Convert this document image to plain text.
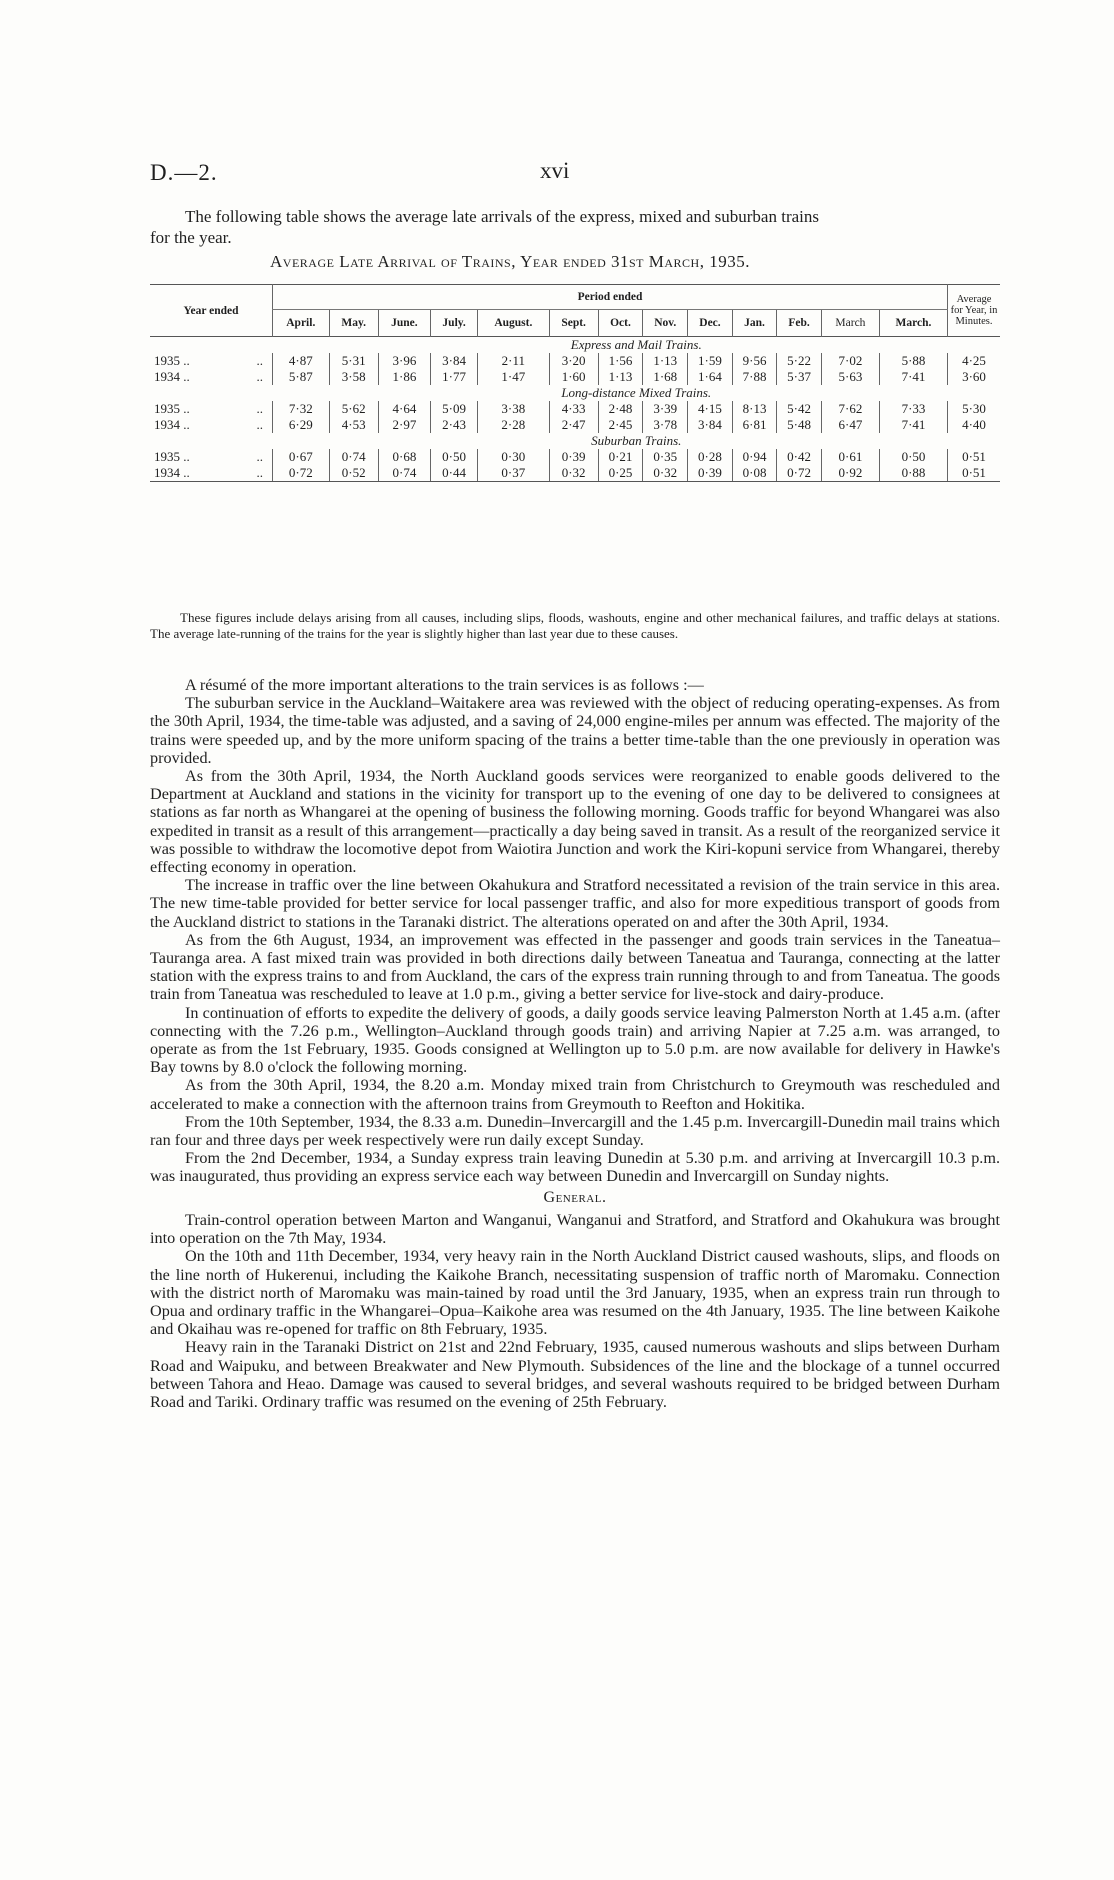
D.—2.	xvi
The following table shows the average late arrivals of the express, mixed and suburban trains
for the year.
Average Late Arrival of Trains, Year ended 31st March, 1935.
Year ended	Period ended													Average for Year, in Minutes.
	April.	May.	June.	July.	August.	Sept.	Oct.	Nov.	Dec.	Jan.	Feb.	March	March.	
	Express and Mail Trains.													
1935 .. ..	4·87	5·31	3·96	3·84	2·11	3·20	1·56	1·13	1·59	9·56	5·22	7·02	5·88	4·25
1934 .. ..	5·87	3·58	1·86	1·77	1·47	1·60	1·13	1·68	1·64	7·88	5·37	5·63	7·41	3·60
	Long-distance Mixed Trains.													
1935 .. ..	7·32	5·62	4·64	5·09	3·38	4·33	2·48	3·39	4·15	8·13	5·42	7·62	7·33	5·30
1934 .. ..	6·29	4·53	2·97	2·43	2·28	2·47	2·45	3·78	3·84	6·81	5·48	6·47	7·41	4·40
	Suburban Trains.													
1935 .. ..	0·67	0·74	0·68	0·50	0·30	0·39	0·21	0·35	0·28	0·94	0·42	0·61	0·50	0·51
1934 .. ..	0·72	0·52	0·74	0·44	0·37	0·32	0·25	0·32	0·39	0·08	0·72	0·92	0·88	0·51
These figures include delays arising from all causes, including slips, floods, washouts, engine and other mechanical failures, and traffic delays at stations. The average late-running of the trains for the year is slightly higher than last year due to these causes.

A résumé of the more important alterations to the train services is as follows :—

The suburban service in the Auckland–Waitakere area was reviewed with the object of reducing operating-expenses. As from the 30th April, 1934, the time-table was adjusted, and a saving of 24,000 engine-miles per annum was effected. The majority of the trains were speeded up, and by the more uniform spacing of the trains a better time-table than the one previously in operation was provided.

As from the 30th April, 1934, the North Auckland goods services were reorganized to enable goods delivered to the Department at Auckland and stations in the vicinity for transport up to the evening of one day to be delivered to consignees at stations as far north as Whangarei at the opening of business the following morning. Goods traffic for beyond Whangarei was also expedited in transit as a result of this arrangement—practically a day being saved in transit. As a result of the reorganized service it was possible to withdraw the locomotive depot from Waiotira Junction and work the Kiri-kopuni service from Whangarei, thereby effecting economy in operation.

The increase in traffic over the line between Okahukura and Stratford necessitated a revision of the train service in this area. The new time-table provided for better service for local passenger traffic, and also for more expeditious transport of goods from the Auckland district to stations in the Taranaki district. The alterations operated on and after the 30th April, 1934.

As from the 6th August, 1934, an improvement was effected in the passenger and goods train services in the Taneatua–Tauranga area. A fast mixed train was provided in both directions daily between Taneatua and Tauranga, connecting at the latter station with the express trains to and from Auckland, the cars of the express train running through to and from Taneatua. The goods train from Taneatua was rescheduled to leave at 1.0 p.m., giving a better service for live-stock and dairy-produce.

In continuation of efforts to expedite the delivery of goods, a daily goods service leaving Palmerston North at 1.45 a.m. (after connecting with the 7.26 p.m., Wellington–Auckland through goods train) and arriving Napier at 7.25 a.m. was arranged, to operate as from the 1st February, 1935. Goods consigned at Wellington up to 5.0 p.m. are now available for delivery in Hawke's Bay towns by 8.0 o'clock the following morning.

As from the 30th April, 1934, the 8.20 a.m. Monday mixed train from Christchurch to Greymouth was rescheduled and accelerated to make a connection with the afternoon trains from Greymouth to Reefton and Hokitika.

From the 10th September, 1934, the 8.33 a.m. Dunedin–Invercargill and the 1.45 p.m. Invercargill-Dunedin mail trains which ran four and three days per week respectively were run daily except Sunday.

From the 2nd December, 1934, a Sunday express train leaving Dunedin at 5.30 p.m. and arriving at Invercargill 10.3 p.m. was inaugurated, thus providing an express service each way between Dunedin and Invercargill on Sunday nights.

General.

Train-control operation between Marton and Wanganui, Wanganui and Stratford, and Stratford and Okahukura was brought into operation on the 7th May, 1934.

On the 10th and 11th December, 1934, very heavy rain in the North Auckland District caused washouts, slips, and floods on the line north of Hukerenui, including the Kaikohe Branch, necessitating suspension of traffic north of Maromaku. Connection with the district north of Maromaku was main-tained by road until the 3rd January, 1935, when an express train run through to Opua and ordinary traffic in the Whangarei–Opua–Kaikohe area was resumed on the 4th January, 1935. The line between Kaikohe and Okaihau was re-opened for traffic on 8th February, 1935.

Heavy rain in the Taranaki District on 21st and 22nd February, 1935, caused numerous washouts and slips between Durham Road and Waipuku, and between Breakwater and New Plymouth. Subsidences of the line and the blockage of a tunnel occurred between Tahora and Heao. Damage was caused to several bridges, and several washouts required to be bridged between Durham Road and Tariki. Ordinary traffic was resumed on the evening of 25th February.
